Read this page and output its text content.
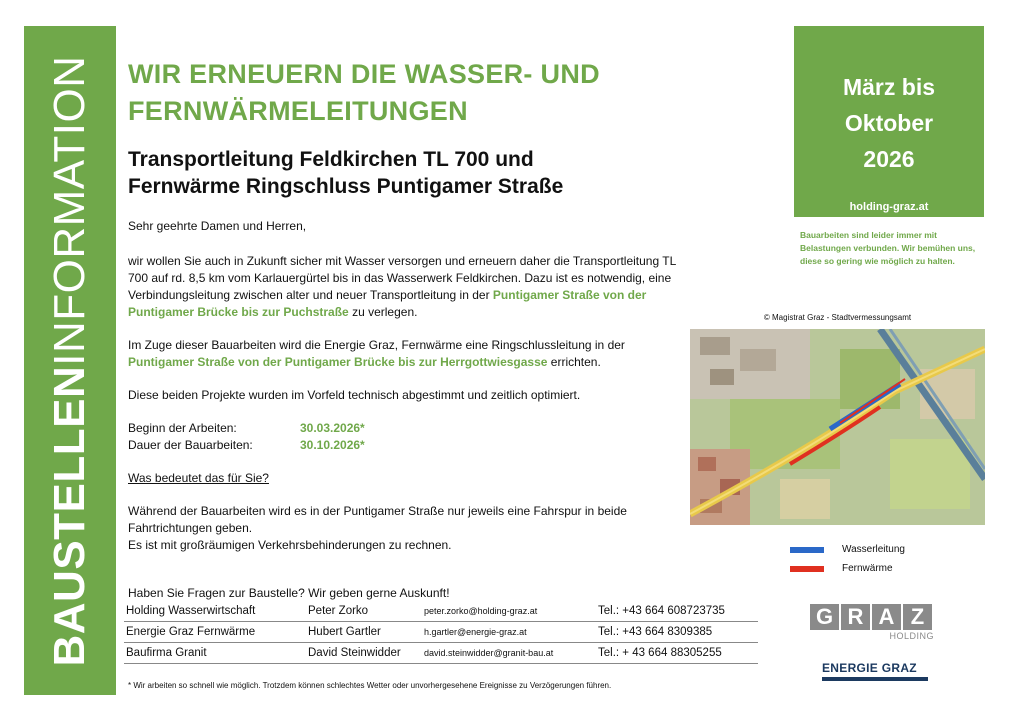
BAUSTELLENINFORMATION WIR ERNEUERN DIE WASSER- UND
FERNWÄRMELEITUNGEN
Transportleitung Feldkirchen TL 700 und
Fernwärme Ringschluss Puntigamer Straße

Sehr geehrte Damen und Herren,

wir wollen Sie auch in Zukunft sicher mit Wasser versorgen und erneuern daher die Transportleitung TL 700 auf rd. 8,5 km vom Karlauergürtel bis in das Wasserwerk Feldkirchen. Dazu ist es notwendig, eine Verbindungsleitung zwischen alter und neuer Transportleitung in der Puntigamer Straße von der Puntigamer Brücke bis zur Puchstraße zu verlegen.

Im Zuge dieser Bauarbeiten wird die Energie Graz, Fernwärme eine Ringschlussleitung in der Puntigamer Straße von der Puntigamer Brücke bis zur Herrgottwiesgasse errichten.

Diese beiden Projekte wurden im Vorfeld technisch abgestimmt und zeitlich optimiert.

Beginn der Arbeiten:	30.03.2026*
Dauer der Bauarbeiten:	30.10.2026*

Was bedeutet das für Sie?

Während der Bauarbeiten wird es in der Puntigamer Straße nur jeweils eine Fahrspur in beide Fahrtrichtungen geben.

Es ist mit großräumigen Verkehrsbehinderungen zu rechnen.

März bis
Oktober
2026
holding-graz.at
Bauarbeiten sind leider immer mit Belastungen verbunden. Wir bemühen uns, diese so gering wie möglich zu halten.
© Magistrat Graz - Stadtvermessungsamt
Wasserleitung
Fernwärme
Haben Sie Fragen zur Baustelle? Wir geben gerne Auskunft!
Holding Wasserwirtschaft	Peter Zorko	peter.zorko@holding-graz.at	Tel.: +43 664 608723735
Energie Graz Fernwärme	Hubert Gartler	h.gartler@energie-graz.at	Tel.: +43 664 8309385
Baufirma Granit	David Steinwidder	david.steinwidder@granit-bau.at	Tel.: + 43 664 88305255
* Wir arbeiten so schnell wie möglich. Trotzdem können schlechtes Wetter oder unvorhergesehene Ereignisse zu Verzögerungen führen.
G R A Z
HOLDING
ENERGIE GRAZ
